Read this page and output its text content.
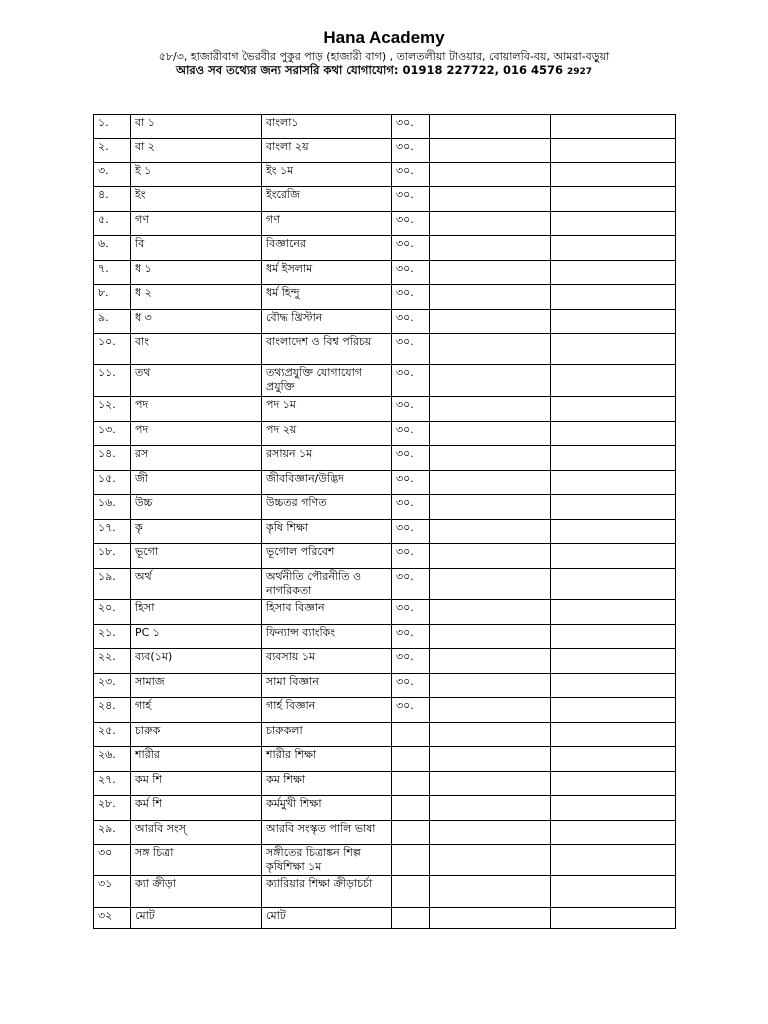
Hana Academy

৫৮/৩, হাজারীবাগ ভৈরবীর পুকুর পাড় (হাজারী বাগ) , তালতলীয়া টাওয়ার, বোয়ালবি-বয়, আমরা-বড়ুয়া

আরও সব তথ্যের জন্য সরাসরি কথা যোগাযোগ: 01918 227722, 016 4576 2927

১.	বা ১	বাংলা১	৩০.		
২.	বা ২	বাংলা ২য়	৩০.		
৩.	ই ১	ইং ১ম	৩০.		
৪.	ইং	ইংরেজি	৩০.		
৫.	গণ	গণ	৩০.		
৬.	বি	বিজ্ঞানের	৩০.		
৭.	ধ ১	ধর্ম ইসলাম	৩০.		
৮.	ধ ২	ধর্ম হিন্দু	৩০.		
৯.	ধ ৩	বৌদ্ধ খ্রিস্টান	৩০.		
১০.	বাং	বাংলাদেশ ও বিশ্ব পরিচয়	৩০.		
১১.	তথ	তথ্যপ্রযুক্তি যোগাযোগ প্রযুক্তি	৩০.		
১২.	পদ	পদ ১ম	৩০.		
১৩.	পদ	পদ ২য়	৩০.		
১৪.	রস	রসায়ন ১ম	৩০.		
১৫.	জী	জীববিজ্ঞান/উদ্ভিদ	৩০.		
১৬.	উচ্চ	উচ্চতর গণিত	৩০.		
১৭.	কৃ	কৃষি শিক্ষা	৩০.		
১৮.	ভূগো	ভূগোল পরিবেশ	৩০.		
১৯.	অর্থ	অর্থনীতি পৌরনীতি ও নাগরিকতা	৩০.		
২০.	হিসা	হিসাব বিজ্ঞান	৩০.		
২১.	PC ১	ফিন্যান্স ব্যাংকিং	৩০.		
২২.	ব্যব(১ম)	ব্যবসায় ১ম	৩০.		
২৩.	সামাজ	সামা বিজ্ঞান	৩০.		
২৪.	গার্হ	গার্হ বিজ্ঞান	৩০.		
২৫.	চারুক	চারুকলা			
২৬.	শারীর	শারীর শিক্ষা			
২৭.	কম শি	কম শিক্ষা			
২৮.	কর্ম শি	কর্মমুখী শিক্ষা			
২৯.	আরবি সংস্	আরবি সংস্কৃত পালি ভাষা			
৩০	সঙ্গ চিত্রা	সঙ্গীতের চিত্রাঙ্কন শিল্প কৃষিশিক্ষা ১ম			
৩১	ক্যা ক্রীড়া	ক্যারিয়ার শিক্ষা ক্রীড়াচর্চা			
৩২	মোট	মোট			
